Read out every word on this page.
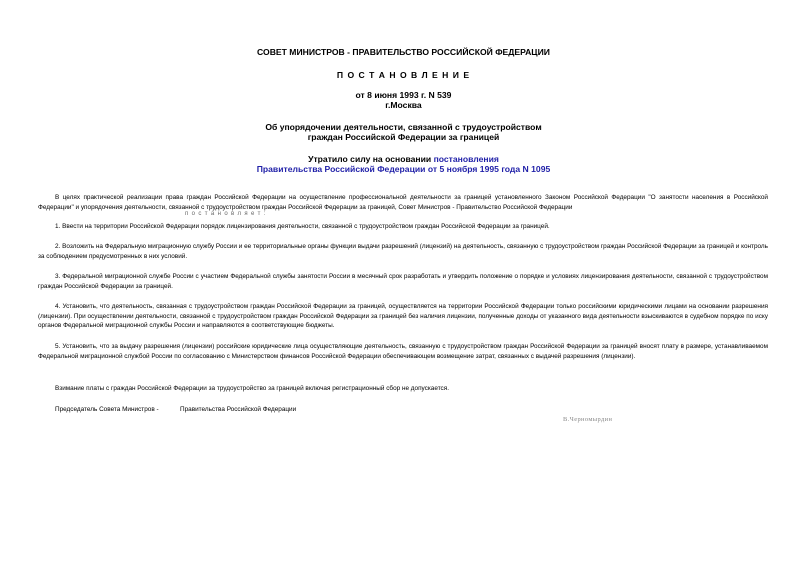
СОВЕТ МИНИСТРОВ - ПРАВИТЕЛЬСТВО РОССИЙСКОЙ ФЕДЕРАЦИИ
П О С Т А Н О В Л Е Н И Е
от 8 июня 1993 г. N 539
г.Москва
Об упорядочении деятельности, связанной с трудоустройством
граждан Российской Федерации за границей
Утратило силу на основании постановления
Правительства Российской Федерации от 5 ноября 1995 года N 1095

В целях практической реализации права граждан Российской Федерации на осуществление профессиональной деятельности за границей установленного Законом Российской Федерации "О занятости населения в Российской Федерации" и упорядочения деятельности, связанной с трудоустройством граждан Российской Федерации за границей, Совет Министров - Правительство Российской Федерации

постановляет:

1. Ввести на территории Российской Федерации порядок лицензирования деятельности, связанной с трудоустройством граждан Российской Федерации за границей.

2. Возложить на Федеральную миграционную службу России и ее территориальные органы функции выдачи разрешений (лицензий) на деятельность, связанную с трудоустройством граждан Российской Федерации за границей и контроль за соблюдением предусмотренных в них условий.

3. Федеральной миграционной службе России с участием Федеральной службы занятости России в месячный срок разработать и утвердить положение о порядке и условиях лицензирования деятельности, связанной с трудоустройством граждан Российской Федерации за границей.

4. Установить, что деятельность, связанная с трудоустройством граждан Российской Федерации за границей, осуществляется на территории Российской Федерации только российскими юридическими лицами на основании разрешения (лицензии). При осуществлении деятельности, связанной с трудоустройством граждан Российской Федерации за границей без наличия лицензии, полученные доходы от указанного вида деятельности взыскиваются в судебном порядке по иску органов Федеральной миграционной службы России и направляются в соответствующие бюджеты.

5. Установить, что за выдачу разрешения (лицензии) российские юридические лица осуществляющие деятельность, связанную с трудоустройством граждан Российской Федерации за границей вносят плату в размере, устанавливаемом Федеральной миграционной службой России по согласованию с Министерством финансов Российской Федерации обеспечивающем возмещение затрат, связанных с выдачей разрешения (лицензии).

Взимание платы с граждан Российской Федерации за трудоустройство за границей включая регистрационный сбор не допускается.

Председатель Совета Министров -	Правительства Российской Федерации
В.Черномырдин
